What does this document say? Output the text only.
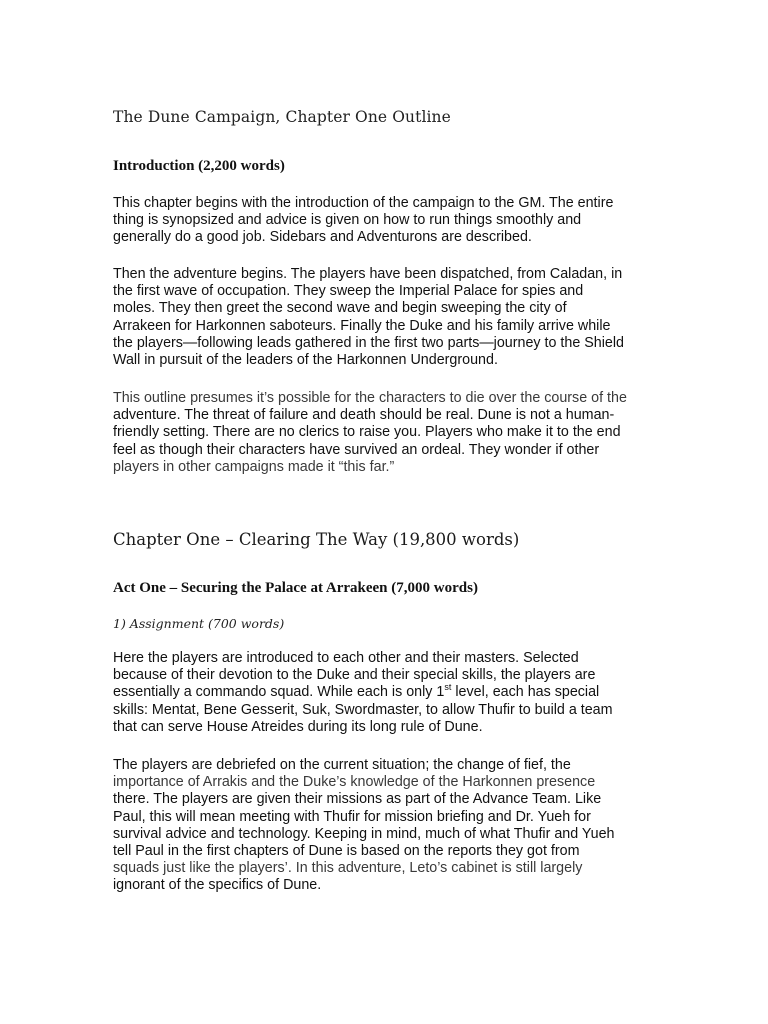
The Dune Campaign, Chapter One Outline
Introduction (2,200 words)

This chapter begins with the introduction of the campaign to the GM. The entire
thing is synopsized and advice is given on how to run things smoothly and
generally do a good job. Sidebars and Adventurons are described.

Then the adventure begins. The players have been dispatched, from Caladan, in
the first wave of occupation. They sweep the Imperial Palace for spies and
moles. They then greet the second wave and begin sweeping the city of
Arrakeen for Harkonnen saboteurs. Finally the Duke and his family arrive while
the players—following leads gathered in the first two parts—journey to the Shield
Wall in pursuit of the leaders of the Harkonnen Underground.

This outline presumes it’s possible for the characters to die over the course of the
adventure. The threat of failure and death should be real. Dune is not a human-
friendly setting. There are no clerics to raise you. Players who make it to the end
feel as though their characters have survived an ordeal. They wonder if other
players in other campaigns made it “this far.”

Chapter One – Clearing The Way (19,800 words)
Act One – Securing the Palace at Arrakeen (7,000 words)
1) Assignment (700 words)

Here the players are introduced to each other and their masters. Selected
because of their devotion to the Duke and their special skills, the players are
essentially a commando squad. While each is only 1st level, each has special
skills: Mentat, Bene Gesserit, Suk, Swordmaster, to allow Thufir to build a team
that can serve House Atreides during its long rule of Dune.

The players are debriefed on the current situation; the change of fief, the
importance of Arrakis and the Duke’s knowledge of the Harkonnen presence
there. The players are given their missions as part of the Advance Team. Like
Paul, this will mean meeting with Thufir for mission briefing and Dr. Yueh for
survival advice and technology. Keeping in mind, much of what Thufir and Yueh
tell Paul in the first chapters of Dune is based on the reports they got from
squads just like the players’. In this adventure, Leto’s cabinet is still largely
ignorant of the specifics of Dune.
